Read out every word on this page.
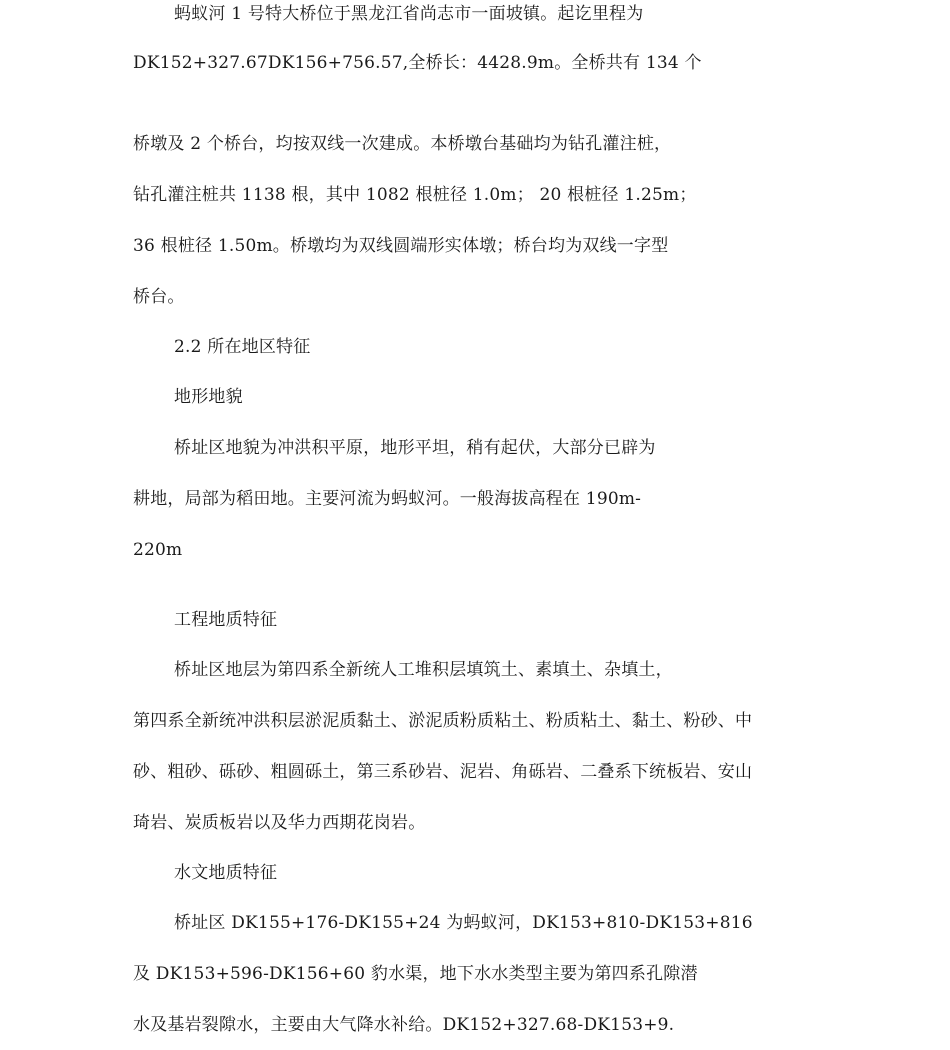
蚂蚁河 1 号特大桥位于黑龙江省尚志市一面坡镇。起讫里程为
DK152+327.67DK156+756.57,全桥长：4428.9m。全桥共有 134 个
桥墩及 2 个桥台，均按双线一次建成。本桥墩台基础均为钻孔灌注桩，
钻孔灌注桩共 1138 根，其中 1082 根桩径 1.0m； 20 根桩径 1.25m；
36 根桩径 1.50m。桥墩均为双线圆端形实体墩；桥台均为双线一字型
桥台。
2.2 所在地区特征
地形地貌
桥址区地貌为冲洪积平原，地形平坦，稍有起伏，大部分已辟为
耕地，局部为稻田地。主要河流为蚂蚁河。一般海拔高程在 190m-
220m
工程地质特征
桥址区地层为第四系全新统人工堆积层填筑土、素填土、杂填土，
第四系全新统冲洪积层淤泥质黏土、淤泥质粉质粘土、粉质粘土、黏土、粉砂、中
砂、粗砂、砾砂、粗圆砾土，第三系砂岩、泥岩、角砾岩、二叠系下统板岩、安山
琦岩、炭质板岩以及华力西期花岗岩。
水文地质特征
桥址区 DK155+176-DK155+24 为蚂蚁河，DK153+810-DK153+816
及 DK153+596-DK156+60 豹水渠，地下水水类型主要为第四系孔隙潜
水及基岩裂隙水，主要由大气降水补给。DK152+327.68-DK153+9.
